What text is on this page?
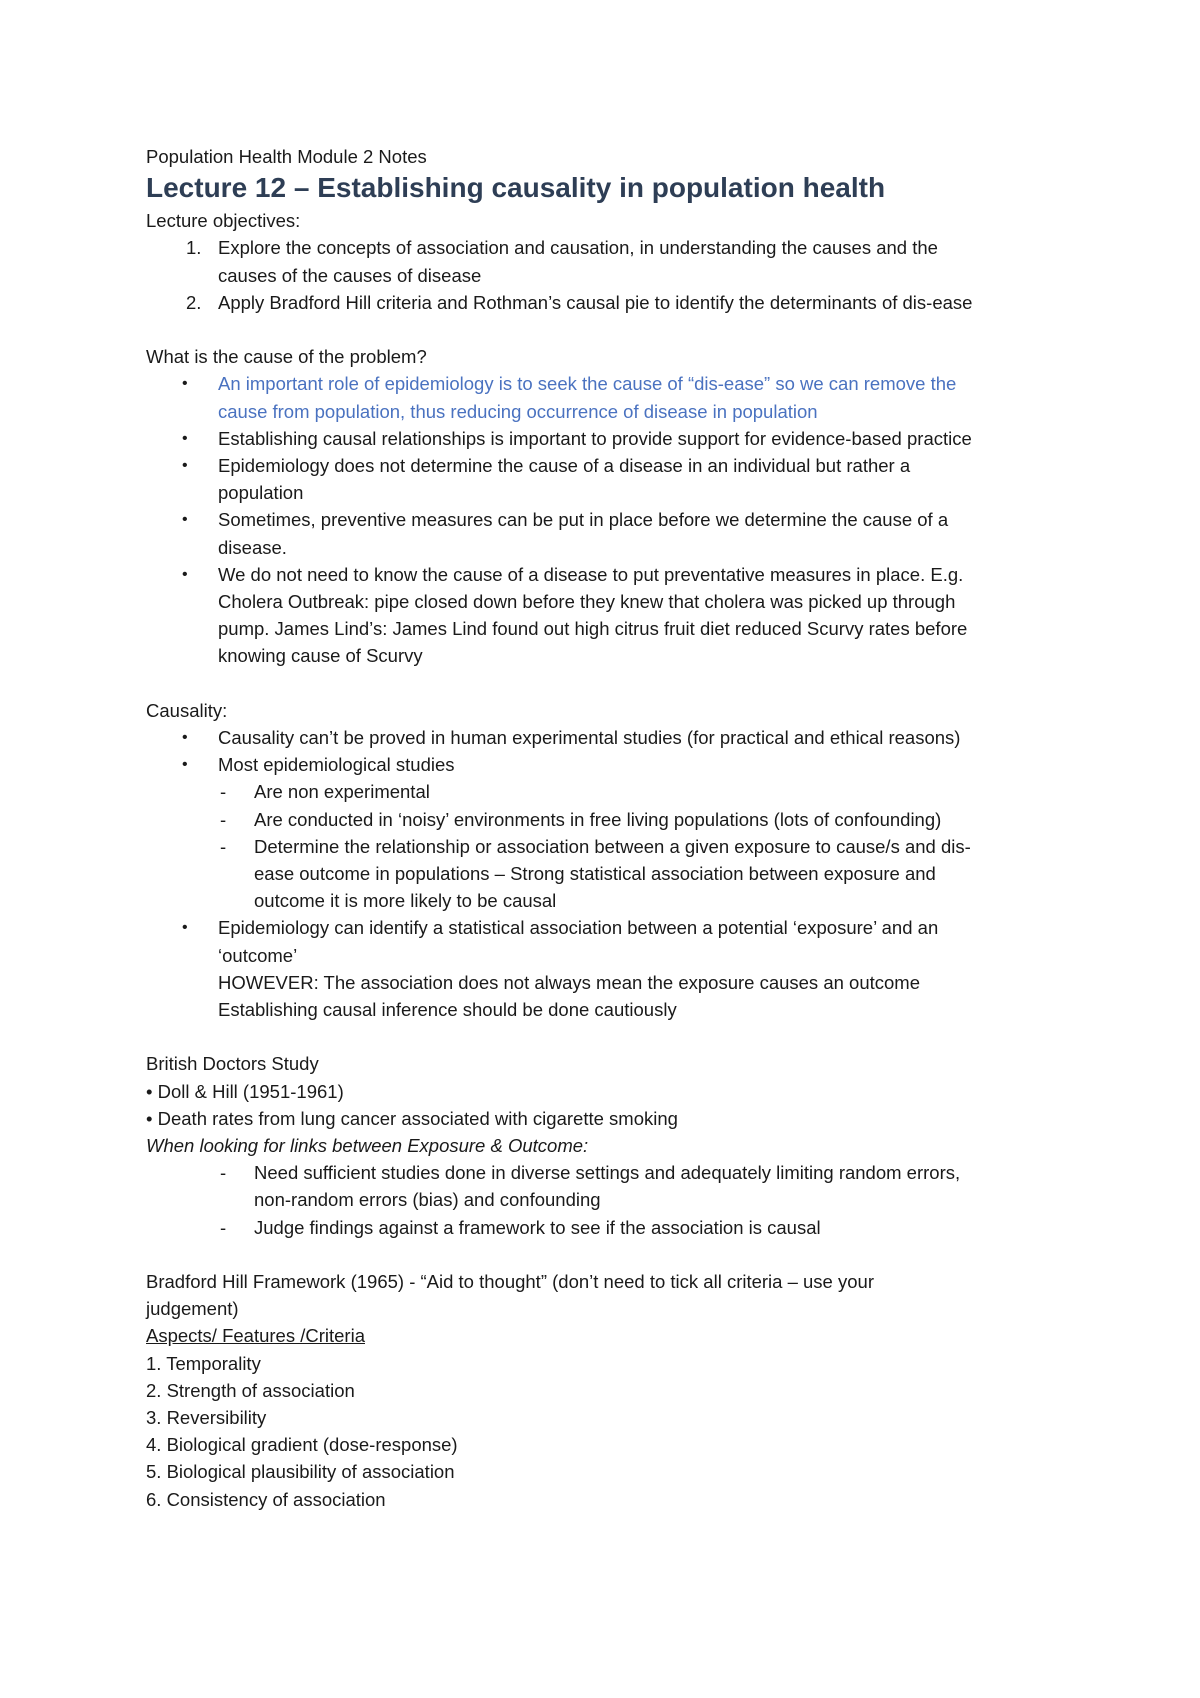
Population Health Module 2 Notes

Lecture 12 – Establishing causality in population health

Lecture objectives:

1. Explore the concepts of association and causation, in understanding the causes and the
causes of the causes of disease
2. Apply Bradford Hill criteria and Rothman’s causal pie to identify the determinants of dis-ease

What is the cause of the problem?

• An important role of epidemiology is to seek the cause of “dis-ease” so we can remove the
cause from population, thus reducing occurrence of disease in population
• Establishing causal relationships is important to provide support for evidence-based practice
• Epidemiology does not determine the cause of a disease in an individual but rather a
population
• Sometimes, preventive measures can be put in place before we determine the cause of a
disease.
• We do not need to know the cause of a disease to put preventative measures in place. E.g.
Cholera Outbreak: pipe closed down before they knew that cholera was picked up through
pump. James Lind’s: James Lind found out high citrus fruit diet reduced Scurvy rates before
knowing cause of Scurvy

Causality:

• Causality can’t be proved in human experimental studies (for practical and ethical reasons)
• Most epidemiological studies
- Are non experimental
- Are conducted in ‘noisy’ environments in free living populations (lots of confounding)
- Determine the relationship or association between a given exposure to cause/s and dis-
ease outcome in populations – Strong statistical association between exposure and
outcome it is more likely to be causal
• Epidemiology can identify a statistical association between a potential ‘exposure’ and an
‘outcome’
HOWEVER: The association does not always mean the exposure causes an outcome
Establishing causal inference should be done cautiously

British Doctors Study

• Doll & Hill (1951-1961)

• Death rates from lung cancer associated with cigarette smoking

When looking for links between Exposure & Outcome:

- Need sufficient studies done in diverse settings and adequately limiting random errors,
non-random errors (bias) and confounding
- Judge findings against a framework to see if the association is causal

Bradford Hill Framework (1965) - “Aid to thought” (don’t need to tick all criteria – use your

judgement)

Aspects/ Features /Criteria

1. Temporality

2. Strength of association

3. Reversibility

4. Biological gradient (dose-response)

5. Biological plausibility of association

6. Consistency of association
